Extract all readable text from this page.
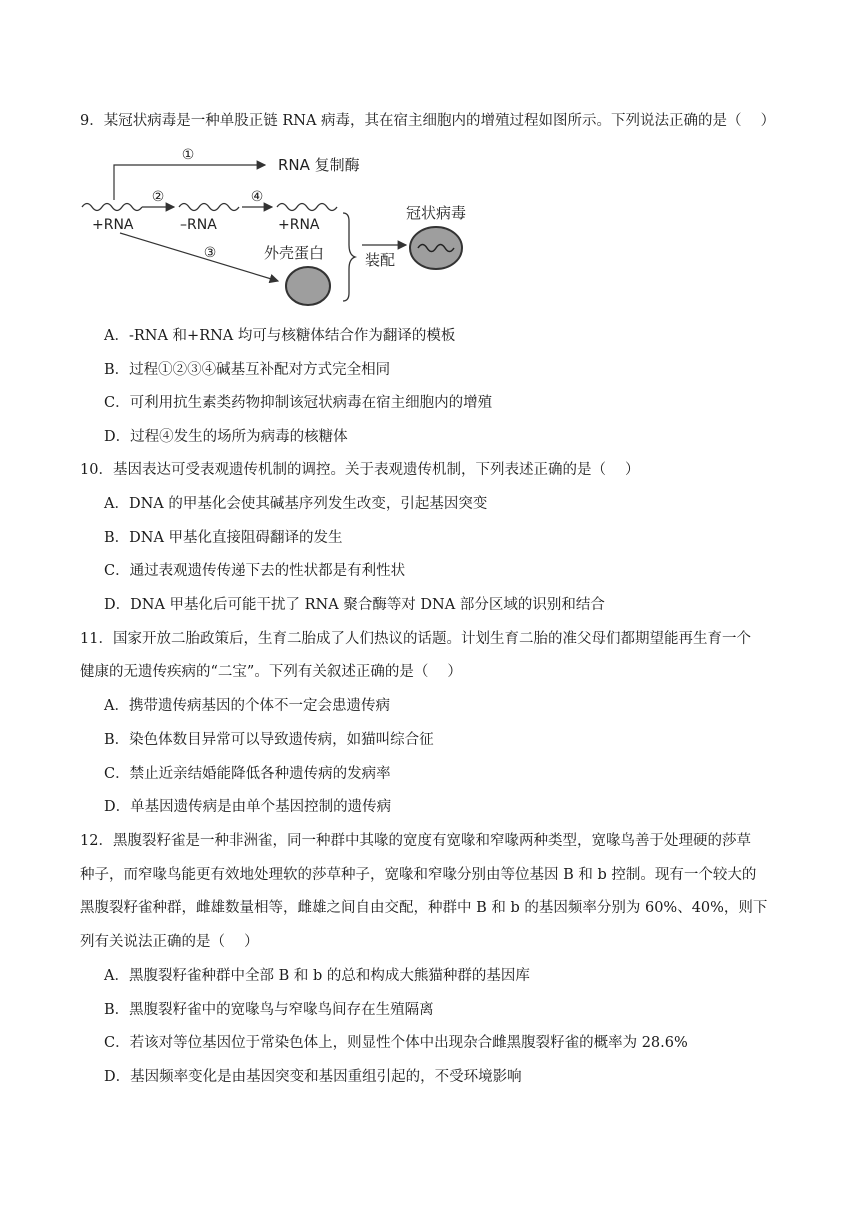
9．某冠状病毒是一种单股正链 RNA 病毒，其在宿主细胞内的增殖过程如图所示。下列说法正确的是（　 ）
①
RNA 复制酶
+RNA
②
–RNA
④
+RNA
③	外壳蛋白	装配
冠状病毒
A．-RNA 和+RNA 均可与核糖体结合作为翻译的模板
B．过程①②③④碱基互补配对方式完全相同
C．可利用抗生素类药物抑制该冠状病毒在宿主细胞内的增殖
D．过程④发生的场所为病毒的核糖体
10．基因表达可受表观遗传机制的调控。关于表观遗传机制，下列表述正确的是（　 ）
A．DNA 的甲基化会使其碱基序列发生改变，引起基因突变
B．DNA 甲基化直接阻碍翻译的发生
C．通过表观遗传传递下去的性状都是有利性状
D．DNA 甲基化后可能干扰了 RNA 聚合酶等对 DNA 部分区域的识别和结合
11．国家开放二胎政策后，生育二胎成了人们热议的话题。计划生育二胎的准父母们都期望能再生育一个
健康的无遗传疾病的“二宝”。下列有关叙述正确的是（　 ）
A．携带遗传病基因的个体不一定会患遗传病
B．染色体数目异常可以导致遗传病，如猫叫综合征
C．禁止近亲结婚能降低各种遗传病的发病率
D．单基因遗传病是由单个基因控制的遗传病
12．黑腹裂籽雀是一种非洲雀，同一种群中其喙的宽度有宽喙和窄喙两种类型，宽喙鸟善于处理硬的莎草
种子，而窄喙鸟能更有效地处理软的莎草种子，宽喙和窄喙分别由等位基因 B 和 b 控制。现有一个较大的
黑腹裂籽雀种群，雌雄数量相等，雌雄之间自由交配，种群中 B 和 b 的基因频率分别为 60%、40%，则下
列有关说法正确的是（　 ）
A．黑腹裂籽雀种群中全部 B 和 b 的总和构成大熊猫种群的基因库
B．黑腹裂籽雀中的宽喙鸟与窄喙鸟间存在生殖隔离
C．若该对等位基因位于常染色体上，则显性个体中出现杂合雌黑腹裂籽雀的概率为 28.6%
D．基因频率变化是由基因突变和基因重组引起的，不受环境影响
